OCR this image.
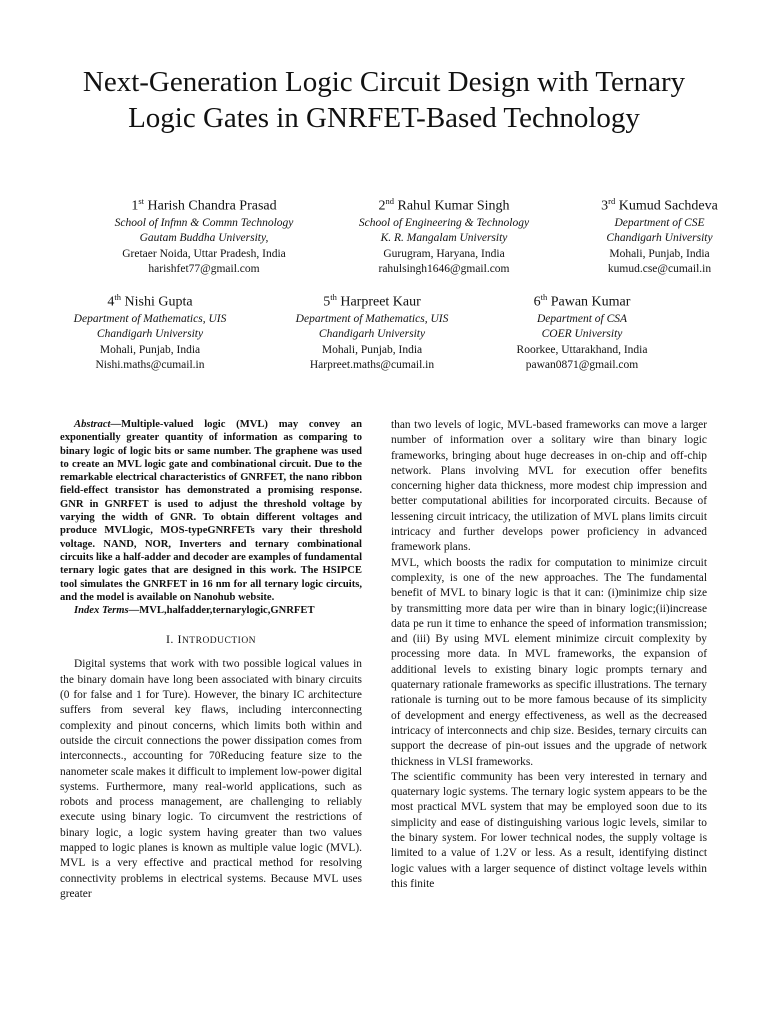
Next-Generation Logic Circuit Design with Ternary
Logic Gates in GNRFET-Based Technology
1st Harish Chandra Prasad
School of Infmn & Commn Technology
Gautam Buddha University,
Gretaer Noida, Uttar Pradesh, India
harishfet77@gmail.com
2nd Rahul Kumar Singh
School of Engineering & Technology
K. R. Mangalam University
Gurugram, Haryana, India
rahulsingh1646@gmail.com
3rd Kumud Sachdeva
Department of CSE
Chandigarh University
Mohali, Punjab, India
kumud.cse@cumail.in
4th Nishi Gupta
Department of Mathematics, UIS
Chandigarh University
Mohali, Punjab, India
Nishi.maths@cumail.in
5th Harpreet Kaur
Department of Mathematics, UIS
Chandigarh University
Mohali, Punjab, India
Harpreet.maths@cumail.in
6th Pawan Kumar
Department of CSA
COER University
Roorkee, Uttarakhand, India
pawan0871@gmail.com

Abstract—Multiple-valued logic (MVL) may convey an exponentially greater quantity of information as comparing to binary logic of logic bits or same number. The graphene was used to create an MVL logic gate and combinational circuit. Due to the remarkable electrical characteristics of GNRFET, the nano ribbon field-effect transistor has demonstrated a promising response. GNR in GNRFET is used to adjust the threshold voltage by varying the width of GNR. To obtain different voltages and produce MVLlogic, MOS-typeGNRFETs vary their threshold voltage. NAND, NOR, Inverters and ternary combinational circuits like a half-adder and decoder are examples of fundamental ternary logic gates that are designed in this work. The HSIPCE tool simulates the GNRFET in 16 nm for all ternary logic circuits, and the model is available on Nanohub website.

Index Terms—MVL,halfadder,ternarylogic,GNRFET

I. INTRODUCTION

Digital systems that work with two possible logical values in the binary domain have long been associated with binary circuits (0 for false and 1 for Ture). However, the binary IC architecture suffers from several key flaws, including interconnecting complexity and pinout concerns, which limits both within and outside the circuit connections the power dissipation comes from interconnects., accounting for 70Reducing feature size to the nanometer scale makes it difficult to implement low-power digital systems. Furthermore, many real-world applications, such as robots and process management, are challenging to reliably execute using binary logic. To circumvent the restrictions of binary logic, a logic system having greater than two values mapped to logic planes is known as multiple value logic (MVL). MVL is a very effective and practical method for resolving connectivity problems in electrical systems. Because MVL uses greater

than two levels of logic, MVL-based frameworks can move a larger number of information over a solitary wire than binary logic frameworks, bringing about huge decreases in on-chip and off-chip network. Plans involving MVL for execution offer benefits concerning higher data thickness, more modest chip impression and better computational abilities for incorporated circuits. Because of lessening circuit intricacy, the utilization of MVL plans limits circuit intricacy and further develops power proficiency in advanced framework plans.

MVL, which boosts the radix for computation to minimize circuit complexity, is one of the new approaches. The The fundamental benefit of MVL to binary logic is that it can: (i)minimize chip size by transmitting more data per wire than in binary logic;(ii)increase data pe run it time to enhance the speed of information transmission; and (iii) By using MVL element minimize circuit complexity by processing more data. In MVL frameworks, the expansion of additional levels to existing binary logic prompts ternary and quaternary rationale frameworks as specific illustrations. The ternary rationale is turning out to be more famous because of its simplicity of development and energy effectiveness, as well as the decreased intricacy of interconnects and chip size. Besides, ternary circuits can support the decrease of pin-out issues and the upgrade of network thickness in VLSI frameworks.

The scientific community has been very interested in ternary and quaternary logic systems. The ternary logic system appears to be the most practical MVL system that may be employed soon due to its simplicity and ease of distinguishing various logic levels, similar to the binary system. For lower technical nodes, the supply voltage is limited to a value of 1.2V or less. As a result, identifying distinct logic values with a larger sequence of distinct voltage levels within this finite
